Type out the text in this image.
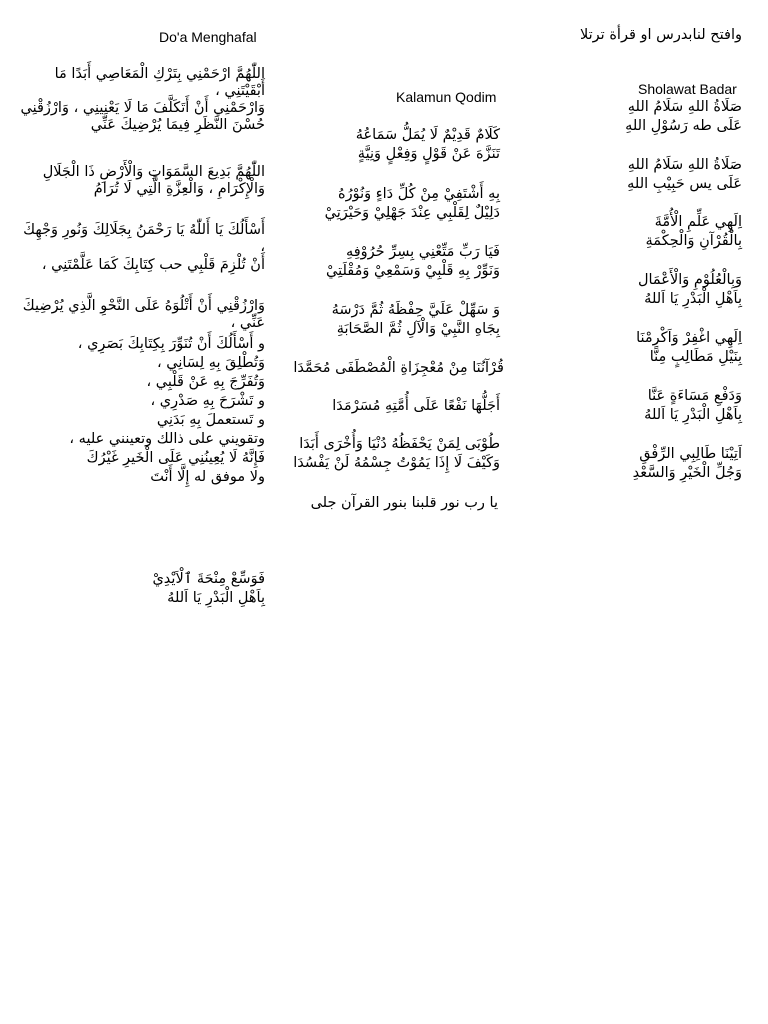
Do'a Menghafal
اللّٰهُمَّ ارْحَمْنِي بِتَرْكِ الْمَعَاصِي أَبَدًا مَا أَبْقَيْتَنِي ،
وَارْحَمْنِي أَنْ أَتَكَلَّفَ مَا لَا يَعْنِينِي ، وَارْزُقْنِي حُسْنَ النَّظَرِ فِيمَا يُرْضِيكَ عَنِّي
اللّٰهُمَّ بَدِيعَ السَّمَوَاتِ وَالْأَرْضِ ذَا الْجَلَالِ وَالْإِكْرَامِ ، وَالْعِزَّةِ الَّتِي لَا تُرَامُ
أَسْأَلُكَ يَا أَللّٰهُ يَا رَحْمَنُ بِجَلَالِكَ وَنُورِ وَجْهِكَ ،
أَنْ تُلْزِمَ قَلْبِي حب كِتَابِكَ كَمَا عَلَّمْتَنِي ،
وَارْزُقْنِي أَنْ أَتْلُوَهُ عَلَى النَّحْوِ الَّذِي يُرْضِيكَ عَنِّي ،
و أَسْأَلُكَ أَنْ تُنَوِّرَ بِكِتَابِكَ بَصَرِي ،
وَتُطْلِقَ بِهِ لِسَانِي ،
وَتُفَرِّجَ بِهِ عَنْ قَلْبِي ،
و تَشْرَحَ بِهِ صَدْرِي ،
و تَستعملَ بِهِ بَدَنِي
وتقويني على ذالك وتعينني عليه ،
فَإِنَّهُ لَا يُعِينُنِي عَلَى الْخَيرِ غَيْرُكَ
ولا موفق له إِلَّا أَنْتَ
فَوَسِّعْ مِنْحَةَ ٱلْاَيْدِيْ
بِاَهْلِ الْبَدْرِ يَا اَللهُ
Kalamun Qodim
كَلَامٌ قَدِيْمٌ لَا يُمَلُّ سَمَاعُهُ
تَنَزَّهَ عَنْ قَوْلٍ وَفِعْلٍ وَنِيَّةٍ
بِهِ أَشْتَفِيْ مِنْ كُلِّ دَاءٍ وَنُوْرُهُ
دَلِيْلٌ لِقَلْبِي عِنْدَ جَهْلِيْ وَحَيْرَتِيْ
فَيَا رَبِّ مَتِّعْنِي بِسِرِّ حُرُوْفِهِ
وَنَوِّرْ بِهِ قَلْبِيْ وَسَمْعِيْ وَمُقْلَتِيْ
وَ سَهِّلْ عَلَيَّ حِفْظَهُ ثُمَّ دَرْسَهُ
بِجَاهِ النَّبِيْ وَالْآلِ ثُمَّ الصَّحَابَةِ
قُرْآنُنَا مِنْ مُعْجِزَاةِ الْمُصْطَفَى مُحَمَّدَا
أَجَلُّهَا نَفْعًا عَلَى أُمَّتِهِ مُسَرْمَدَا
طُوْبَى لِمَنْ يَحْفَظُهُ دُنْيَا وَأُخْرَى أَبَدَا
وَكَيْفَ لَا إِذَا يَمُوْتُ جِسْمُهُ لَنْ يَفْسُدَا
يا رب نور قلبنا بنور القرآن جلى
وافتح لنابدرس او قرأة ترتلا
Sholawat Badar
صَلَاةُ اللهِ سَلَامُ اللهِ
عَلَى طه رَسُوْلِ اللهِ
صَلَاةُ اللهِ سَلَامُ اللهِ
عَلَى يس حَبِيْبِ اللهِ
اِلَهِي عَلِّمِ الْأُمَّةَ
بِالْقُرْآنِ وَالْحِكْمَةِ
وَبِالْعُلُوْمِ وَالْأَعْمَال
بِاَهْلِ الْبَدْرِ يَا اَللهُ
اِلَهِي اغْفِرْ وَاَكْرِمْنَا
بِنَيْلِ مَطَالِبٍ مِنَّا
وَدَفْعِ مَسَاءَةٍ عَنَّا
بِاَهْلِ الْبَدْرِ يَا اَللهُ
اَتِيْنَا طَالِبِي الرِّفْقِ
وَجُلِّ الْخَيْرِ وَالسَّعْدِ
